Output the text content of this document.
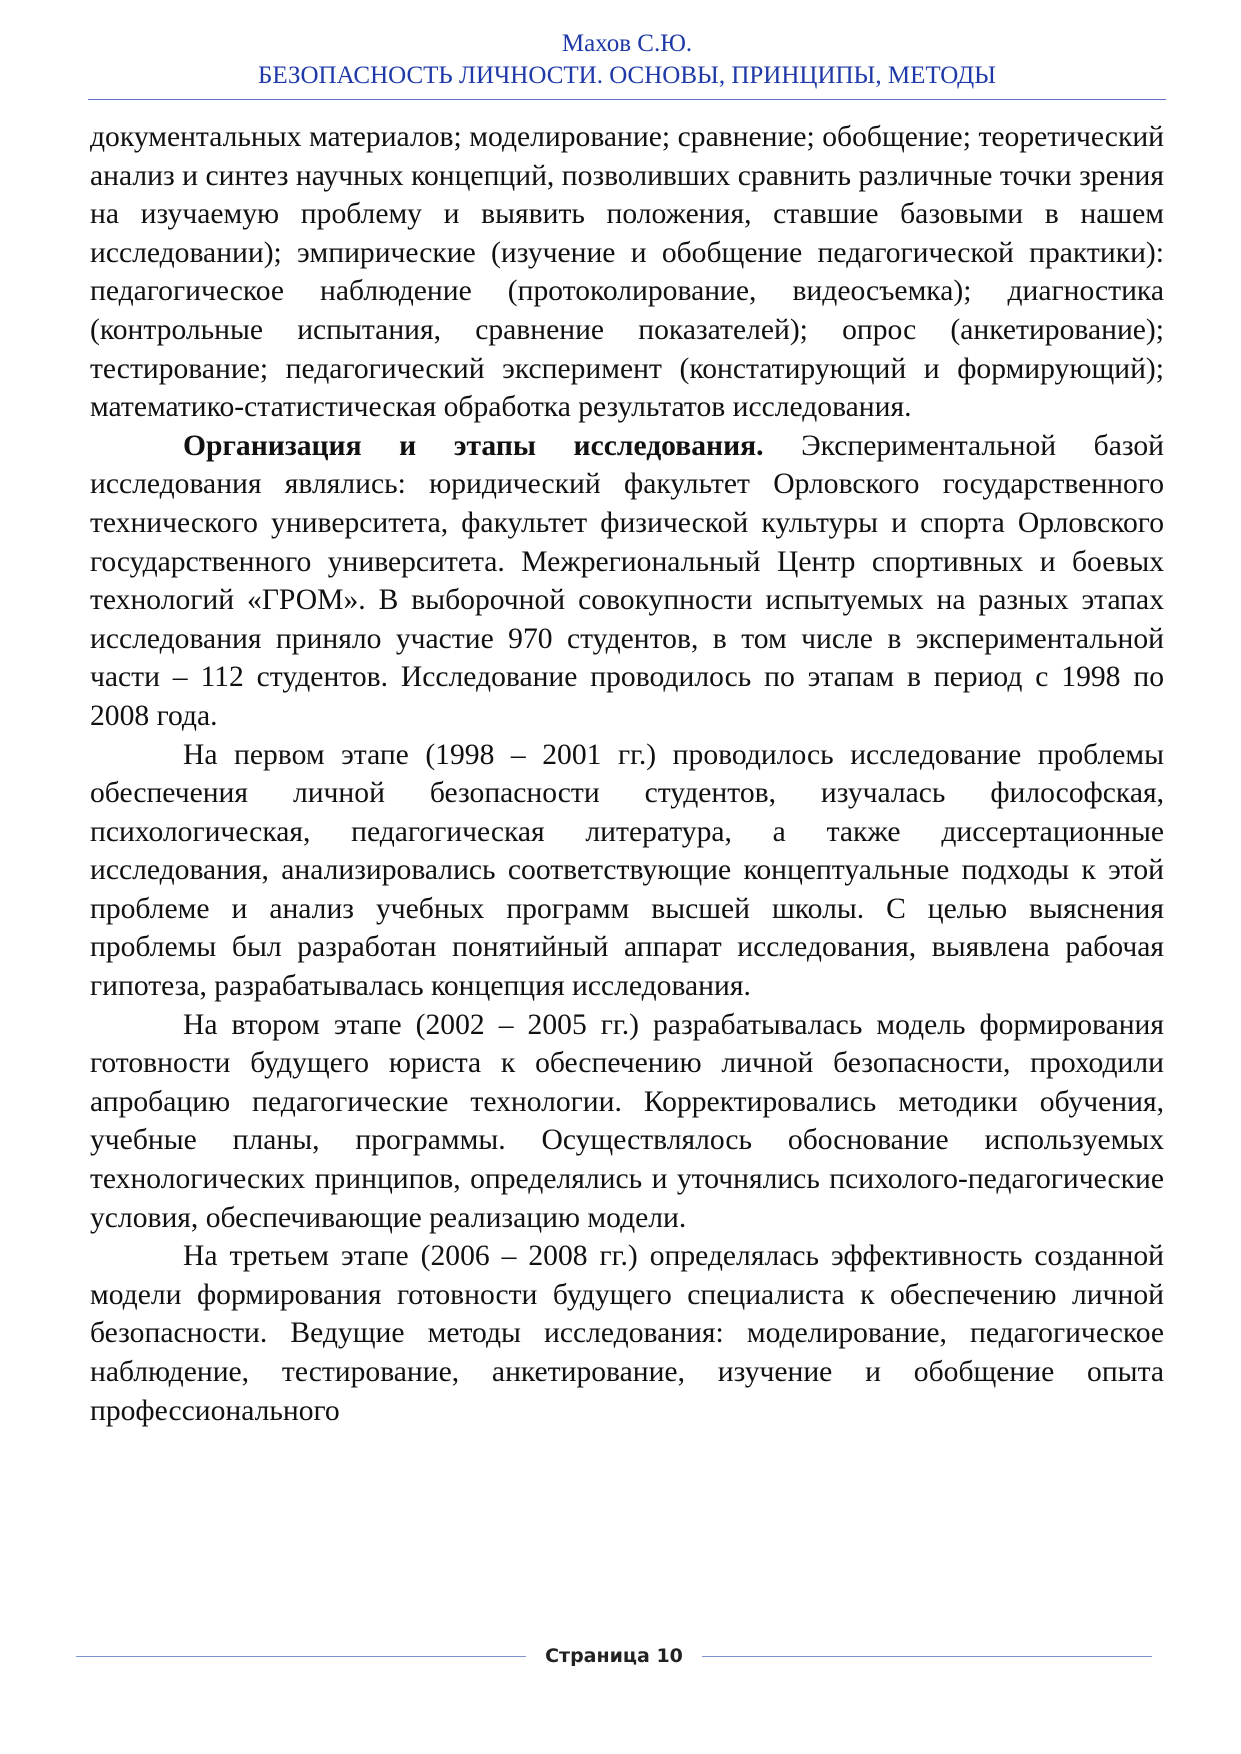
Махов С.Ю.
БЕЗОПАСНОСТЬ ЛИЧНОСТИ. ОСНОВЫ, ПРИНЦИПЫ, МЕТОДЫ

документальных материалов; моделирование; сравнение; обобщение; теоретический анализ и синтез научных концепций, позволивших сравнить различные точки зрения на изучаемую проблему и выявить положения, ставшие базовыми в нашем исследовании); эмпирические (изучение и обобщение педагогической практики): педагогическое наблюдение (протоколирование, видеосъемка); диагностика (контрольные испытания, сравнение показателей); опрос (анкетирование); тестирование; педагогический эксперимент (констатирующий и формирующий); математико-статистическая обработка результатов исследования.

Организация и этапы исследования. Экспериментальной базой исследования являлись: юридический факультет Орловского государственного технического университета, факультет физической культуры и спорта Орловского государственного университета. Межрегиональный Центр спортивных и боевых технологий «ГРОМ». В выборочной совокупности испытуемых на разных этапах исследования приняло участие 970 студентов, в том числе в экспериментальной части – 112 студентов. Исследование проводилось по этапам в период с 1998 по 2008 года.

На первом этапе (1998 – 2001 гг.) проводилось исследование проблемы обеспечения личной безопасности студентов, изучалась философская, психологическая, педагогическая литература, а также диссертационные исследования, анализировались соответствующие концептуальные подходы к этой проблеме и анализ учебных программ высшей школы. С целью выяснения проблемы был разработан понятийный аппарат исследования, выявлена рабочая гипотеза, разрабатывалась концепция исследования.

На втором этапе (2002 – 2005 гг.) разрабатывалась модель формирования готовности будущего юриста к обеспечению личной безопасности, проходили апробацию педагогические технологии. Корректировались методики обучения, учебные планы, программы. Осуществлялось обоснование используемых технологических принципов, определялись и уточнялись психолого-педагогические условия, обеспечивающие реализацию модели.

На третьем этапе (2006 – 2008 гг.) определялась эффективность созданной модели формирования готовности будущего специалиста к обеспечению личной безопасности. Ведущие методы исследования: моделирование, педагогическое наблюдение, тестирование, анкетирование, изучение и обобщение опыта профессионального

Страница 10
